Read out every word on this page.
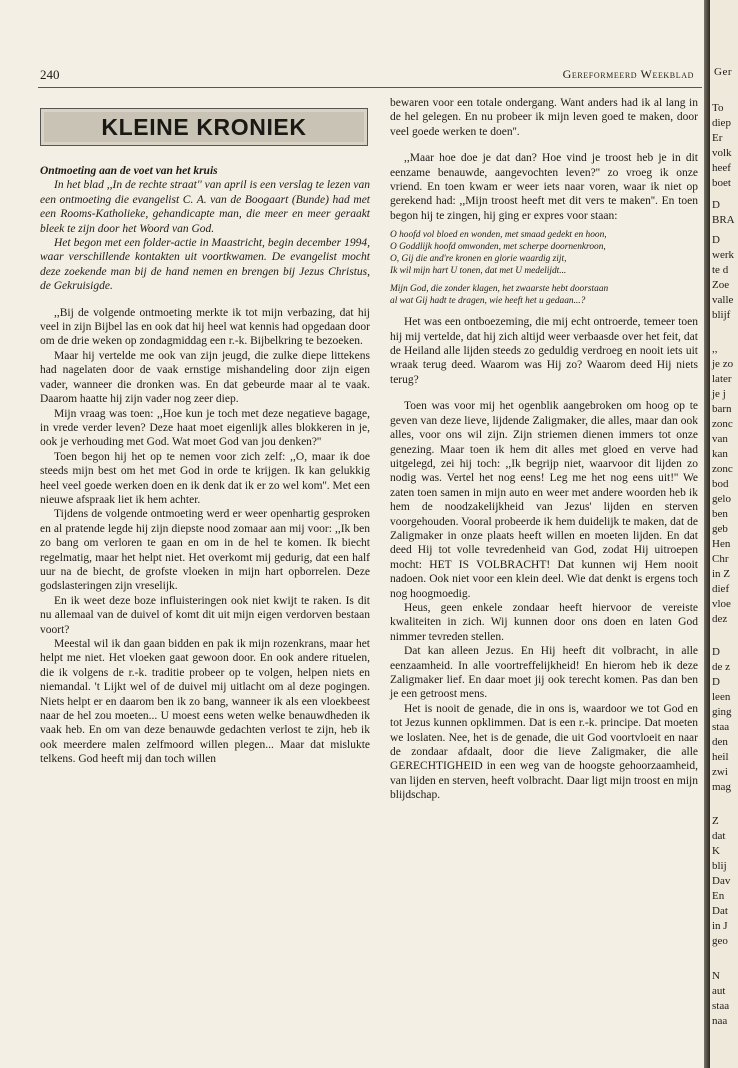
240	Gereformeerd Weekblad
KLEINE KRONIEK

Ontmoeting aan de voet van het kruis

In het blad ,,In de rechte straat'' van april is een verslag te lezen van een ontmoeting die evangelist C. A. van de Boogaart (Bunde) had met een Rooms-Katholieke, gehandicapte man, die meer en meer geraakt bleek te zijn door het Woord van God.

Het begon met een folder-actie in Maastricht, begin december 1994, waar verschillende kontakten uit voortkwamen. De evangelist mocht deze zoekende man bij de hand nemen en brengen bij Jezus Christus, de Gekruisigde.

,,Bij de volgende ontmoeting merkte ik tot mijn verbazing, dat hij veel in zijn Bijbel las en ook dat hij heel wat kennis had opgedaan door om de drie weken op zondagmiddag een r.-k. Bijbelkring te bezoeken.

Maar hij vertelde me ook van zijn jeugd, die zulke diepe littekens had nagelaten door de vaak ernstige mishandeling door zijn eigen vader, wanneer die dronken was. En dat gebeurde maar al te vaak. Daarom haatte hij zijn vader nog zeer diep.

Mijn vraag was toen: ,,Hoe kun je toch met deze negatieve bagage, in vrede verder leven? Deze haat moet eigenlijk alles blokkeren in je, ook je verhouding met God. Wat moet God van jou denken?''

Toen begon hij het op te nemen voor zich zelf: ,,O, maar ik doe steeds mijn best om het met God in orde te krijgen. Ik kan gelukkig heel veel goede werken doen en ik denk dat ik er zo wel kom''. Met een nieuwe afspraak liet ik hem achter.

Tijdens de volgende ontmoeting werd er weer openhartig gesproken en al pratende legde hij zijn diepste nood zomaar aan mij voor: ,,Ik ben zo bang om verloren te gaan en om in de hel te komen. Ik biecht regelmatig, maar het helpt niet. Het overkomt mij gedurig, dat een half uur na de biecht, de grofste vloeken in mijn hart opborrelen. Deze godslasteringen zijn vreselijk.

En ik weet deze boze influisteringen ook niet kwijt te raken. Is dit nu allemaal van de duivel of komt dit uit mijn eigen verdorven bestaan voort?

Meestal wil ik dan gaan bidden en pak ik mijn rozenkrans, maar het helpt me niet. Het vloeken gaat gewoon door. En ook andere rituelen, die ik volgens de r.-k. traditie probeer op te volgen, helpen niets en niemandal. 't Lijkt wel of de duivel mij uitlacht om al deze pogingen. Niets helpt er en daarom ben ik zo bang, wanneer ik als een vloekbeest naar de hel zou moeten... U moest eens weten welke benauwdheden ik vaak heb. En om van deze benauwde gedachten verlost te zijn, heb ik ook meerdere malen zelfmoord willen plegen... Maar dat mislukte telkens. God heeft mij dan toch willen

bewaren voor een totale ondergang. Want anders had ik al lang in de hel gelegen. En nu probeer ik mijn leven goed te maken, door veel goede werken te doen''.

,,Maar hoe doe je dat dan? Hoe vind je troost heb je in dit eenzame benauwde, aangevochten leven?'' zo vroeg ik onze vriend. En toen kwam er weer iets naar voren, waar ik niet op gerekend had: ,,Mijn troost heeft met dit vers te maken''. En toen begon hij te zingen, hij ging er expres voor staan:

O hoofd vol bloed en wonden, met smaad gedekt en hoon,
O Goddlijk hoofd omwonden, met scherpe doornenkroon,
O, Gij die and're kronen en glorie waardig zijt,
Ik wil mijn hart U tonen, dat met U medelijdt...
Mijn God, die zonder klagen, het zwaarste hebt doorstaan
al wat Gij hadt te dragen, wie heeft het u gedaan...?

Het was een ontboezeming, die mij echt ontroerde, temeer toen hij mij vertelde, dat hij zich altijd weer verbaasde over het feit, dat de Heiland alle lijden steeds zo geduldig verdroeg en nooit iets uit wraak terug deed. Waarom was Hij zo? Waarom deed Hij niets terug?

Toen was voor mij het ogenblik aangebroken om hoog op te geven van deze lieve, lijdende Zaligmaker, die alles, maar dan ook alles, voor ons wil zijn. Zijn striemen dienen immers tot onze genezing. Maar toen ik hem dit alles met gloed en verve had uitgelegd, zei hij toch: ,,Ik begrijp niet, waarvoor dit lijden zo nodig was. Vertel het nog eens! Leg me het nog eens uit!'' We zaten toen samen in mijn auto en weer met andere woorden heb ik hem de noodzakelijkheid van Jezus' lijden en sterven voorgehouden. Vooral probeerde ik hem duidelijk te maken, dat de Zaligmaker in onze plaats heeft willen en moeten lijden. En dat deed Hij tot volle tevredenheid van God, zodat Hij uitroepen mocht: HET IS VOLBRACHT! Dat kunnen wij Hem nooit nadoen. Ook niet voor een klein deel. Wie dat denkt is ergens toch nog hoogmoedig.

Heus, geen enkele zondaar heeft hiervoor de vereiste kwaliteiten in zich. Wij kunnen door ons doen en laten God nimmer tevreden stellen.

Dat kan alleen Jezus. En Hij heeft dit volbracht, in alle eenzaamheid. In alle voortreffelijkheid! En hierom heb ik deze Zaligmaker lief. En daar moet jij ook terecht komen. Pas dan ben je een getroost mens.

Het is nooit de genade, die in ons is, waardoor we tot God en tot Jezus kunnen opklimmen. Dat is een r.-k. principe. Dat moeten we loslaten. Nee, het is de genade, die uit God voortvloeit en naar de zondaar afdaalt, door die lieve Zaligmaker, die alle GERECHTIGHEID in een weg van de hoogste gehoorzaamheid, van lijden en sterven, heeft volbracht. Daar ligt mijn troost en mijn blijdschap.

Ger
To
diep
Er
volk
heef
boet
D
BRA
D
werk
te d
Zoe
valle
blijf
,,
je zo
later
je j
barn
zonc
van
kan
zonc
bod
gelo
ben
geb
Hen
Chr
in Z
dief
vloe
dez
D
de z
D
leen
ging
staa
den
heil
zwi
mag
Z
dat
K
blij
Dav
En
Dat
in J
geo
N
aut
staa
naa
